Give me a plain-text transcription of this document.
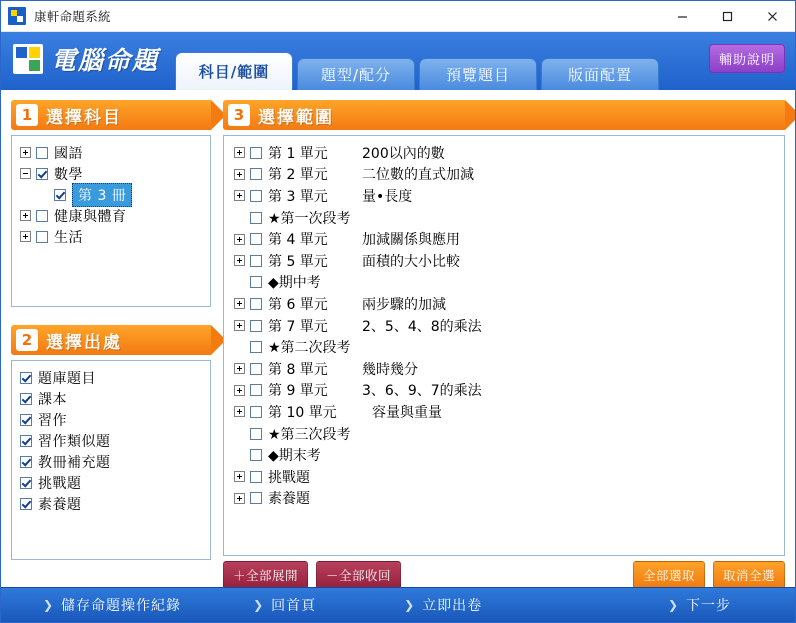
康軒命題系統
電腦命題	科目/範圍	題型/配分	預覽題目	版面配置
輔助說明
1 選擇科目
國語
數學
第 3 冊
健康與體育
生活
2 選擇出處
題庫題目
課本
習作
習作類似題
教冊補充題
挑戰題
素養題
3 選擇範圍
第 1 單元	200以內的數
第 2 單元	二位數的直式加減
第 3 單元	量•長度
★第一次段考
第 4 單元	加減關係與應用
第 5 單元	面積的大小比較
◆期中考
第 6 單元	兩步驟的加減
第 7 單元	2、5、4、8的乘法
★第二次段考
第 8 單元	幾時幾分
第 9 單元	3、6、9、7的乘法
第 10 單元	容量與重量
★第三次段考
◆期末考
挑戰題
素養題
＋全部展開	－全部收回	全部選取	取消全選
❯ 儲存命題操作紀錄	❯ 回首頁	❯ 立即出卷	❯ 下一步
